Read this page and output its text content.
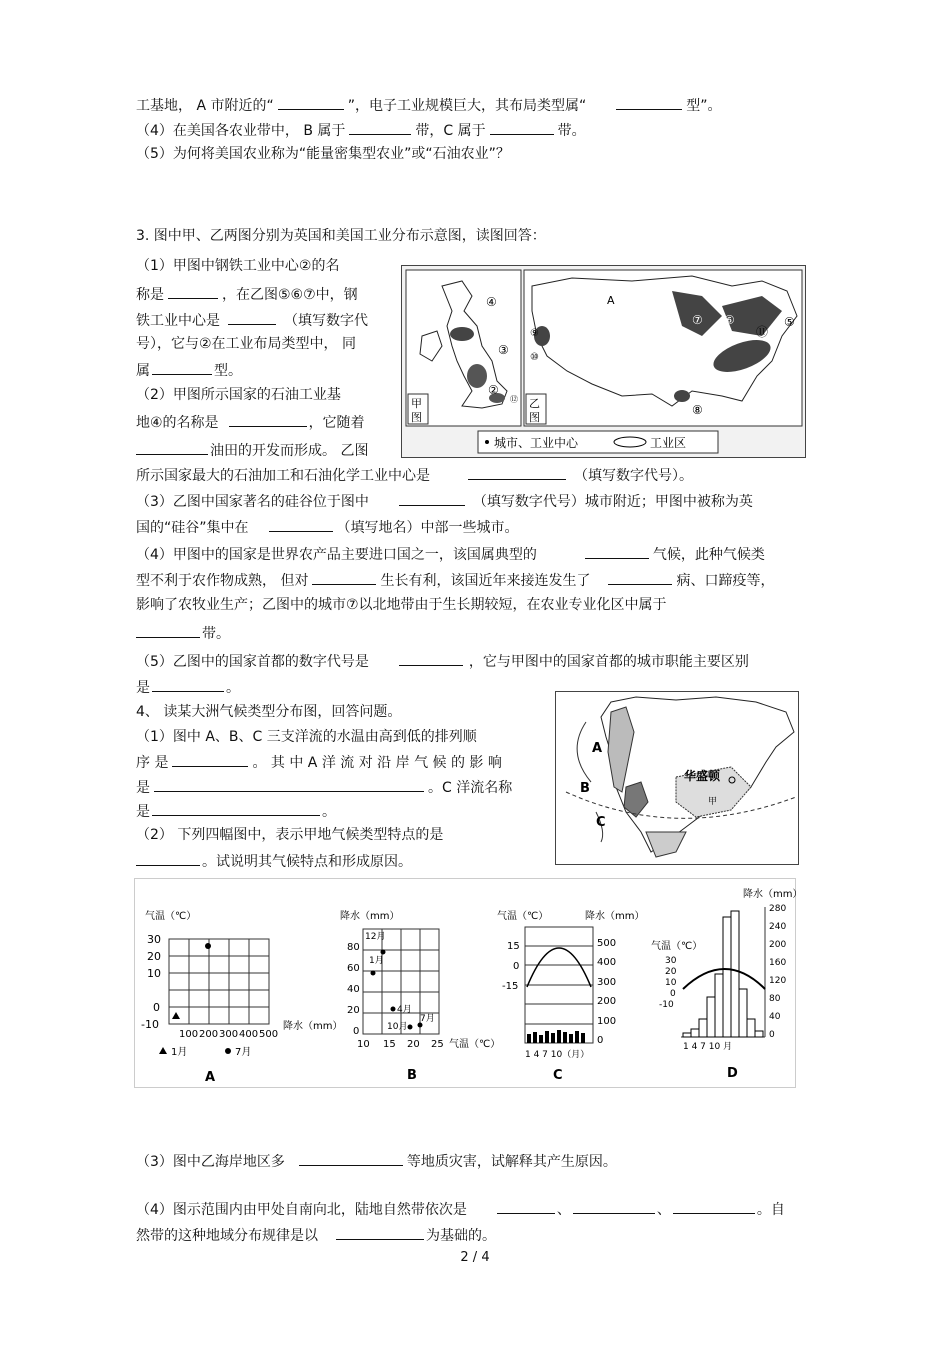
工基地， A 市附近的“	”，电子工业规模巨大，其布局类型属“	型”。
（4）在美国各农业带中， B 属于	带，C 属于	带。
（5）为何将美国农业称为“能量密集型农业”或“石油农业”？
3. 图中甲、乙两图分别为英国和美国工业分布示意图，读图回答：
（1）甲图中钢铁工业中心②的名
称是	，在乙图⑤⑥⑦中，钢
铁工业中心是	（填写数字代
号），它与②在工业布局类型中， 同
属	型。
（2）甲图所示国家的石油工业基
地④的名称是	，它随着
油田的开发而形成。 乙图
所示国家最大的石油加工和石油化学工业中心是	（填写数字代号）。
（3）乙图中国家著名的硅谷位于图中	（填写数字代号）城市附近；甲图中被称为英
国的“硅谷”集中在	（填写地名）中部一些城市。
（4）甲图中的国家是世界农产品主要进口国之一，该国属典型的	气候，此种气候类
型不利于农作物成熟， 但对	生长有利，该国近年来接连发生了	病、口蹄疫等，
影响了农牧业生产；乙图中的城市⑦以北地带由于生长期较短，在农业专业化区中属于
带。
（5）乙图中的国家首都的数字代号是	，它与甲图中的国家首都的城市职能主要区别
是	。
④
③
②
⑫
甲
图
A
⑦ ⑥	⑤
⑪
⑨
⑩
⑧
乙
图
城市、工业中心	工业区
4、 读某大洲气候类型分布图，回答问题。
（1）图中 A、B、C 三支洋流的水温由高到低的排列顺
序 是	。 其 中 A 洋 流 对 沿 岸 气 候 的 影 响
是	。C 洋流名称
是	。
（2） 下列四幅图中，表示甲地气候类型特点的是
。试说明其气候特点和形成原因。
A
B
C
华盛顿
甲
气温（℃）
30
20
10
0
-10
100 200 300 400 500
降水（mm）
1月	7月
A
降水（mm）
80
60
40
20
0
10 15 20 25 气温（℃）
12月
1月
4月
10月
7月
B
气温（℃）	降水（mm）
15
0
-15
500
400
300
200
100
0
1 4 7 10（月）
C
降水（mm）
气温（℃）
30
20
10
0
-10
280
240
200
160
120
80
40
0
1 4 7 10 月
D
（3）图中乙海岸地区多	等地质灾害，试解释其产生原因。
（4）图示范围内由甲处自南向北，陆地自然带依次是	、	、	。自
然带的这种地域分布规律是以	为基础的。
2 / 4
